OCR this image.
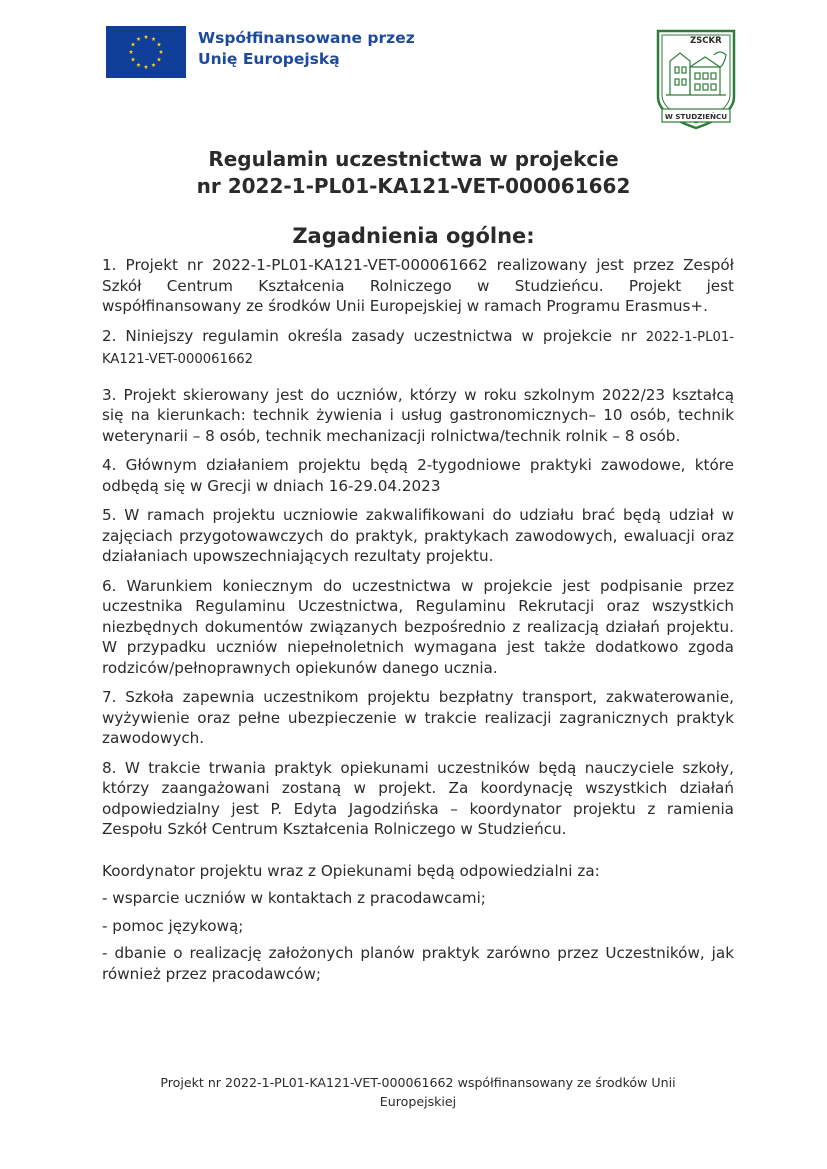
Współfinansowane przez
Unię Europejską
ZSCKR
W STUDZIEŃCU
Regulamin uczestnictwa w projekcie
nr 2022-1-PL01-KA121-VET-000061662
Zagadnienia ogólne:

1. Projekt nr 2022-1-PL01-KA121-VET-000061662 realizowany jest przez Zespół Szkół Centrum Kształcenia Rolniczego w Studzieńcu. Projekt jest współfinansowany ze środków Unii Europejskiej w ramach Programu Erasmus+.

2. Niniejszy regulamin określa zasady uczestnictwa w projekcie nr 2022-1-PL01-KA121-VET-000061662

3. Projekt skierowany jest do uczniów, którzy w roku szkolnym 2022/23 kształcą się na kierunkach: technik żywienia i usług gastronomicznych– 10 osób, technik weterynarii – 8 osób, technik mechanizacji rolnictwa/technik rolnik – 8 osób.

4. Głównym działaniem projektu będą 2-tygodniowe praktyki zawodowe, które odbędą się w Grecji w dniach 16-29.04.2023

5. W ramach projektu uczniowie zakwalifikowani do udziału brać będą udział w zajęciach przygotowawczych do praktyk, praktykach zawodowych, ewaluacji oraz działaniach upowszechniających rezultaty projektu.

6. Warunkiem koniecznym do uczestnictwa w projekcie jest podpisanie przez uczestnika Regulaminu Uczestnictwa, Regulaminu Rekrutacji oraz wszystkich niezbędnych dokumentów związanych bezpośrednio z realizacją działań projektu. W przypadku uczniów niepełnoletnich wymagana jest także dodatkowo zgoda rodziców/pełnoprawnych opiekunów danego ucznia.

7. Szkoła zapewnia uczestnikom projektu bezpłatny transport, zakwaterowanie, wyżywienie oraz pełne ubezpieczenie w trakcie realizacji zagranicznych praktyk zawodowych.

8. W trakcie trwania praktyk opiekunami uczestników będą nauczyciele szkoły, którzy zaangażowani zostaną w projekt. Za koordynację wszystkich działań odpowiedzialny jest P. Edyta Jagodzińska – koordynator projektu z ramienia Zespołu Szkół Centrum Kształcenia Rolniczego w Studzieńcu.

Koordynator projektu wraz z Opiekunami będą odpowiedzialni za:

- wsparcie uczniów w kontaktach z pracodawcami;

- pomoc językową;

- dbanie o realizację założonych planów praktyk zarówno przez Uczestników, jak również przez pracodawców;

Projekt nr 2022-1-PL01-KA121-VET-000061662 współfinansowany ze środków Unii
Europejskiej
